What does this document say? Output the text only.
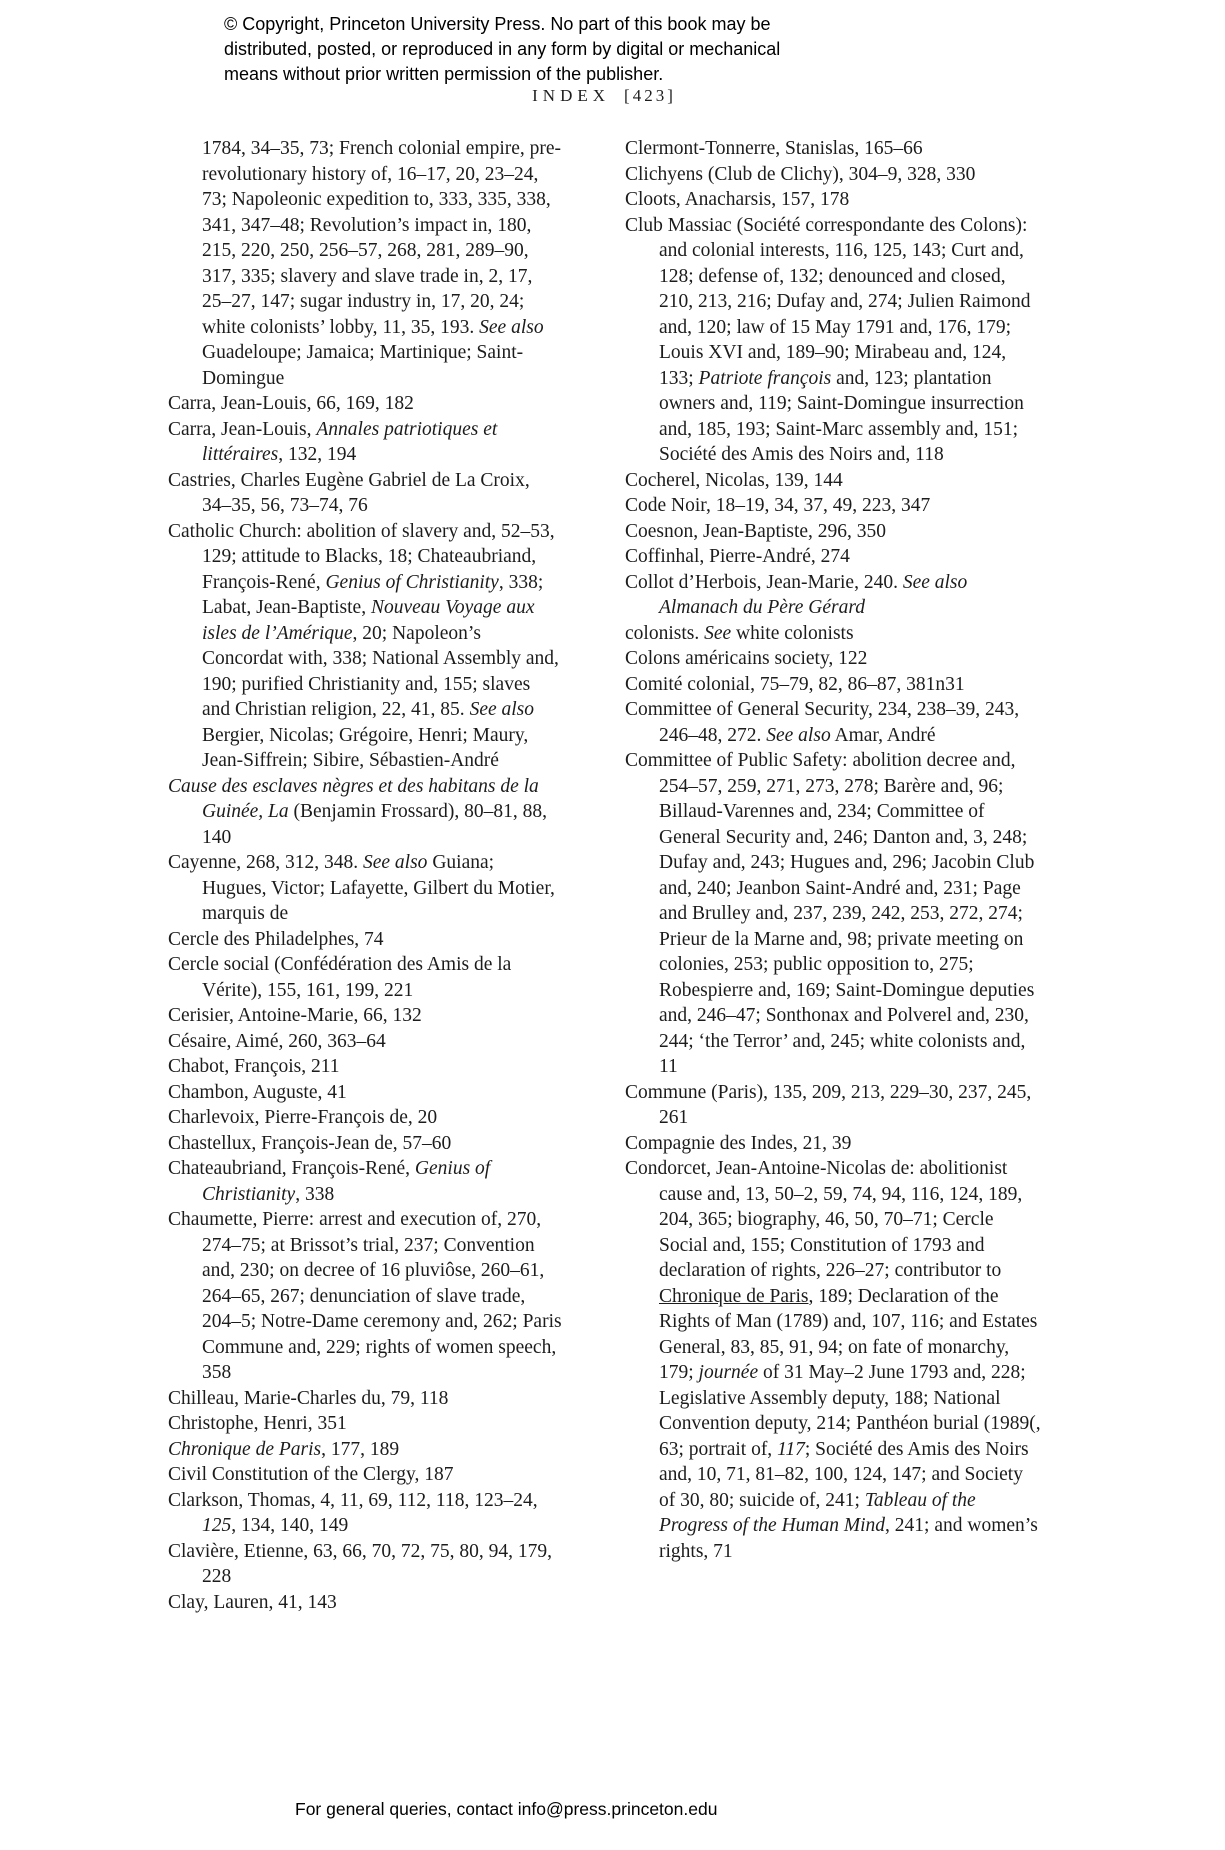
© Copyright, Princeton University Press. No part of this book may be
distributed, posted, or reproduced in any form by digital or mechanical
means without prior written permission of the publisher.
INDEX [423]

1784, 34–35, 73; French colonial empire, pre-revolutionary history of, 16–17, 20, 23–24, 73; Napoleonic expedition to, 333, 335, 338, 341, 347–48; Revolution’s impact in, 180, 215, 220, 250, 256–57, 268, 281, 289–90, 317, 335; slavery and slave trade in, 2, 17, 25–27, 147; sugar industry in, 17, 20, 24; white colonists’ lobby, 11, 35, 193. See also Guadeloupe; Jamaica; Martinique; Saint-Domingue

Carra, Jean-Louis, 66, 169, 182

Carra, Jean-Louis, Annales patriotiques et littéraires, 132, 194

Castries, Charles Eugène Gabriel de La Croix, 34–35, 56, 73–74, 76

Catholic Church: abolition of slavery and, 52–53, 129; attitude to Blacks, 18; Chateaubriand, François-René, Genius of Christianity, 338; Labat, Jean-Baptiste, Nouveau Voyage aux isles de l’Amérique, 20; Napoleon’s Concordat with, 338; National Assembly and, 190; purified Christianity and, 155; slaves and Christian religion, 22, 41, 85. See also Bergier, Nicolas; Grégoire, Henri; Maury, Jean-Siffrein; Sibire, Sébastien-André

Cause des esclaves nègres et des habitans de la Guinée, La (Benjamin Frossard), 80–81, 88, 140

Cayenne, 268, 312, 348. See also Guiana; Hugues, Victor; Lafayette, Gilbert du Motier, marquis de

Cercle des Philadelphes, 74

Cercle social (Confédération des Amis de la Vérite), 155, 161, 199, 221

Cerisier, Antoine-Marie, 66, 132

Césaire, Aimé, 260, 363–64

Chabot, François, 211

Chambon, Auguste, 41

Charlevoix, Pierre-François de, 20

Chastellux, François-Jean de, 57–60

Chateaubriand, François-René, Genius of Christianity, 338

Chaumette, Pierre: arrest and execution of, 270, 274–75; at Brissot’s trial, 237; Convention and, 230; on decree of 16 pluviôse, 260–61, 264–65, 267; denunciation of slave trade, 204–5; Notre-Dame ceremony and, 262; Paris Commune and, 229; rights of women speech, 358

Chilleau, Marie-Charles du, 79, 118

Christophe, Henri, 351

Chronique de Paris, 177, 189

Civil Constitution of the Clergy, 187

Clarkson, Thomas, 4, 11, 69, 112, 118, 123–24, 125, 134, 140, 149

Clavière, Etienne, 63, 66, 70, 72, 75, 80, 94, 179, 228

Clay, Lauren, 41, 143

Clermont-Tonnerre, Stanislas, 165–66

Clichyens (Club de Clichy), 304–9, 328, 330

Cloots, Anacharsis, 157, 178

Club Massiac (Société correspondante des Colons): and colonial interests, 116, 125, 143; Curt and, 128; defense of, 132; denounced and closed, 210, 213, 216; Dufay and, 274; Julien Raimond and, 120; law of 15 May 1791 and, 176, 179; Louis XVI and, 189–90; Mirabeau and, 124, 133; Patriote françois and, 123; plantation owners and, 119; Saint-Domingue insurrection and, 185, 193; Saint-Marc assembly and, 151; Société des Amis des Noirs and, 118

Cocherel, Nicolas, 139, 144

Code Noir, 18–19, 34, 37, 49, 223, 347

Coesnon, Jean-Baptiste, 296, 350

Coffinhal, Pierre-André, 274

Collot d’Herbois, Jean-Marie, 240. See also Almanach du Père Gérard

colonists. See white colonists

Colons américains society, 122

Comité colonial, 75–79, 82, 86–87, 381n31

Committee of General Security, 234, 238–39, 243, 246–48, 272. See also Amar, André

Committee of Public Safety: abolition decree and, 254–57, 259, 271, 273, 278; Barère and, 96; Billaud-Varennes and, 234; Committee of General Security and, 246; Danton and, 3, 248; Dufay and, 243; Hugues and, 296; Jacobin Club and, 240; Jeanbon Saint-André and, 231; Page and Brulley and, 237, 239, 242, 253, 272, 274; Prieur de la Marne and, 98; private meeting on colonies, 253; public opposition to, 275; Robespierre and, 169; Saint-Domingue deputies and, 246–47; Sonthonax and Polverel and, 230, 244; ‘the Terror’ and, 245; white colonists and, 11

Commune (Paris), 135, 209, 213, 229–30, 237, 245, 261

Compagnie des Indes, 21, 39

Condorcet, Jean-Antoine-Nicolas de: abolitionist cause and, 13, 50–2, 59, 74, 94, 116, 124, 189, 204, 365; biography, 46, 50, 70–71; Cercle Social and, 155; Constitution of 1793 and declaration of rights, 226–27; contributor to Chronique de Paris, 189; Declaration of the Rights of Man (1789) and, 107, 116; and Estates General, 83, 85, 91, 94; on fate of monarchy, 179; journée of 31 May–2 June 1793 and, 228; Legislative Assembly deputy, 188; National Convention deputy, 214; Panthéon burial (1989(, 63; portrait of, 117; Société des Amis des Noirs and, 10, 71, 81–82, 100, 124, 147; and Society of 30, 80; suicide of, 241; Tableau of the Progress of the Human Mind, 241; and women’s rights, 71

For general queries, contact info@press.princeton.edu
